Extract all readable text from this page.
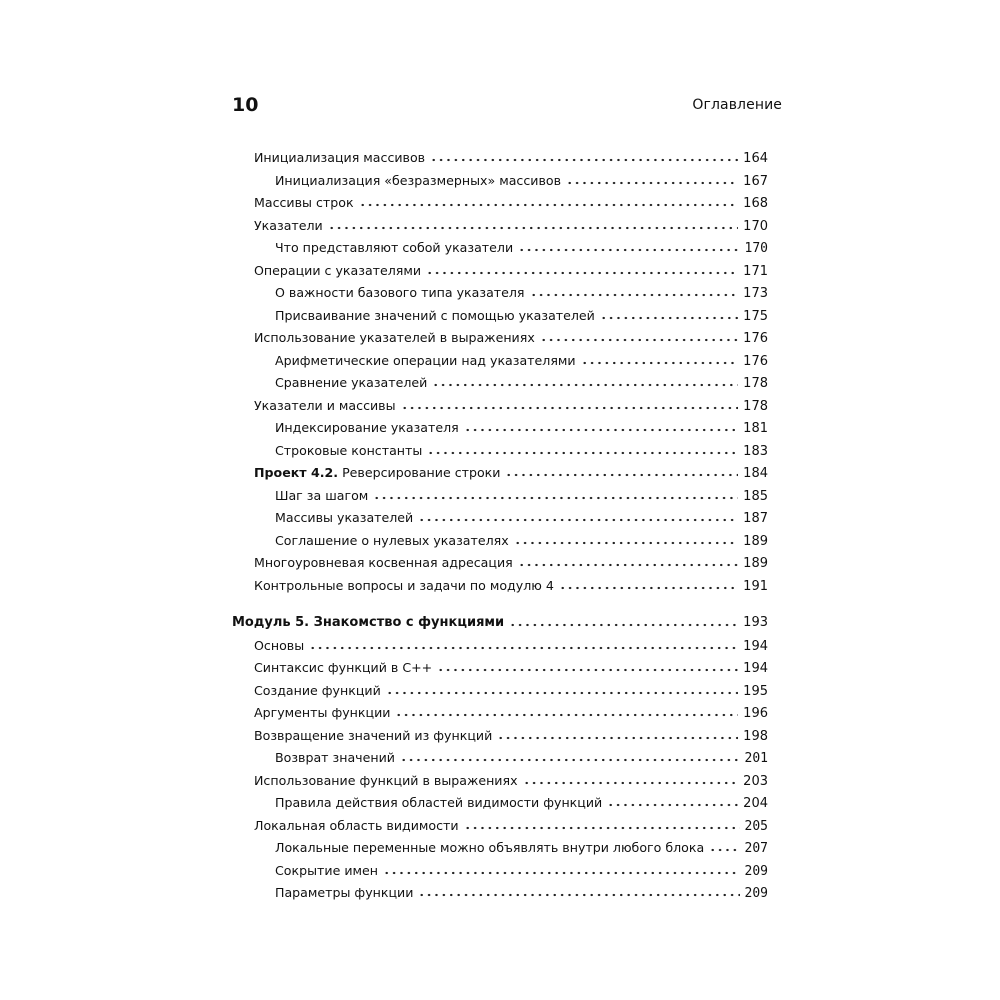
10	Оглавление
Инициализация массивов	164
Инициализация «безразмерных» массивов	167
Массивы строк	168
Указатели	170
Что представляют собой указатели	170
Операции с указателями	171
О важности базового типа указателя	173
Присваивание значений с помощью указателей	175
Использование указателей в выражениях	176
Арифметические операции над указателями	176
Сравнение указателей	178
Указатели и массивы	178
Индексирование указателя	181
Строковые константы	183
Проект 4.2. Реверсирование строки	184
Шаг за шагом	185
Массивы указателей	187
Соглашение о нулевых указателях	189
Многоуровневая косвенная адресация	189
Контрольные вопросы и задачи по модулю 4	191
Модуль 5. Знакомство с функциями	193
Основы	194
Синтаксис функций в С++	194
Создание функций	195
Аргументы функции	196
Возвращение значений из функций	198
Возврат значений	201
Использование функций в выражениях	203
Правила действия областей видимости функций	204
Локальная область видимости	205
Локальные переменные можно объявлять внутри любого блока	207
Сокрытие имен	209
Параметры функции	209
